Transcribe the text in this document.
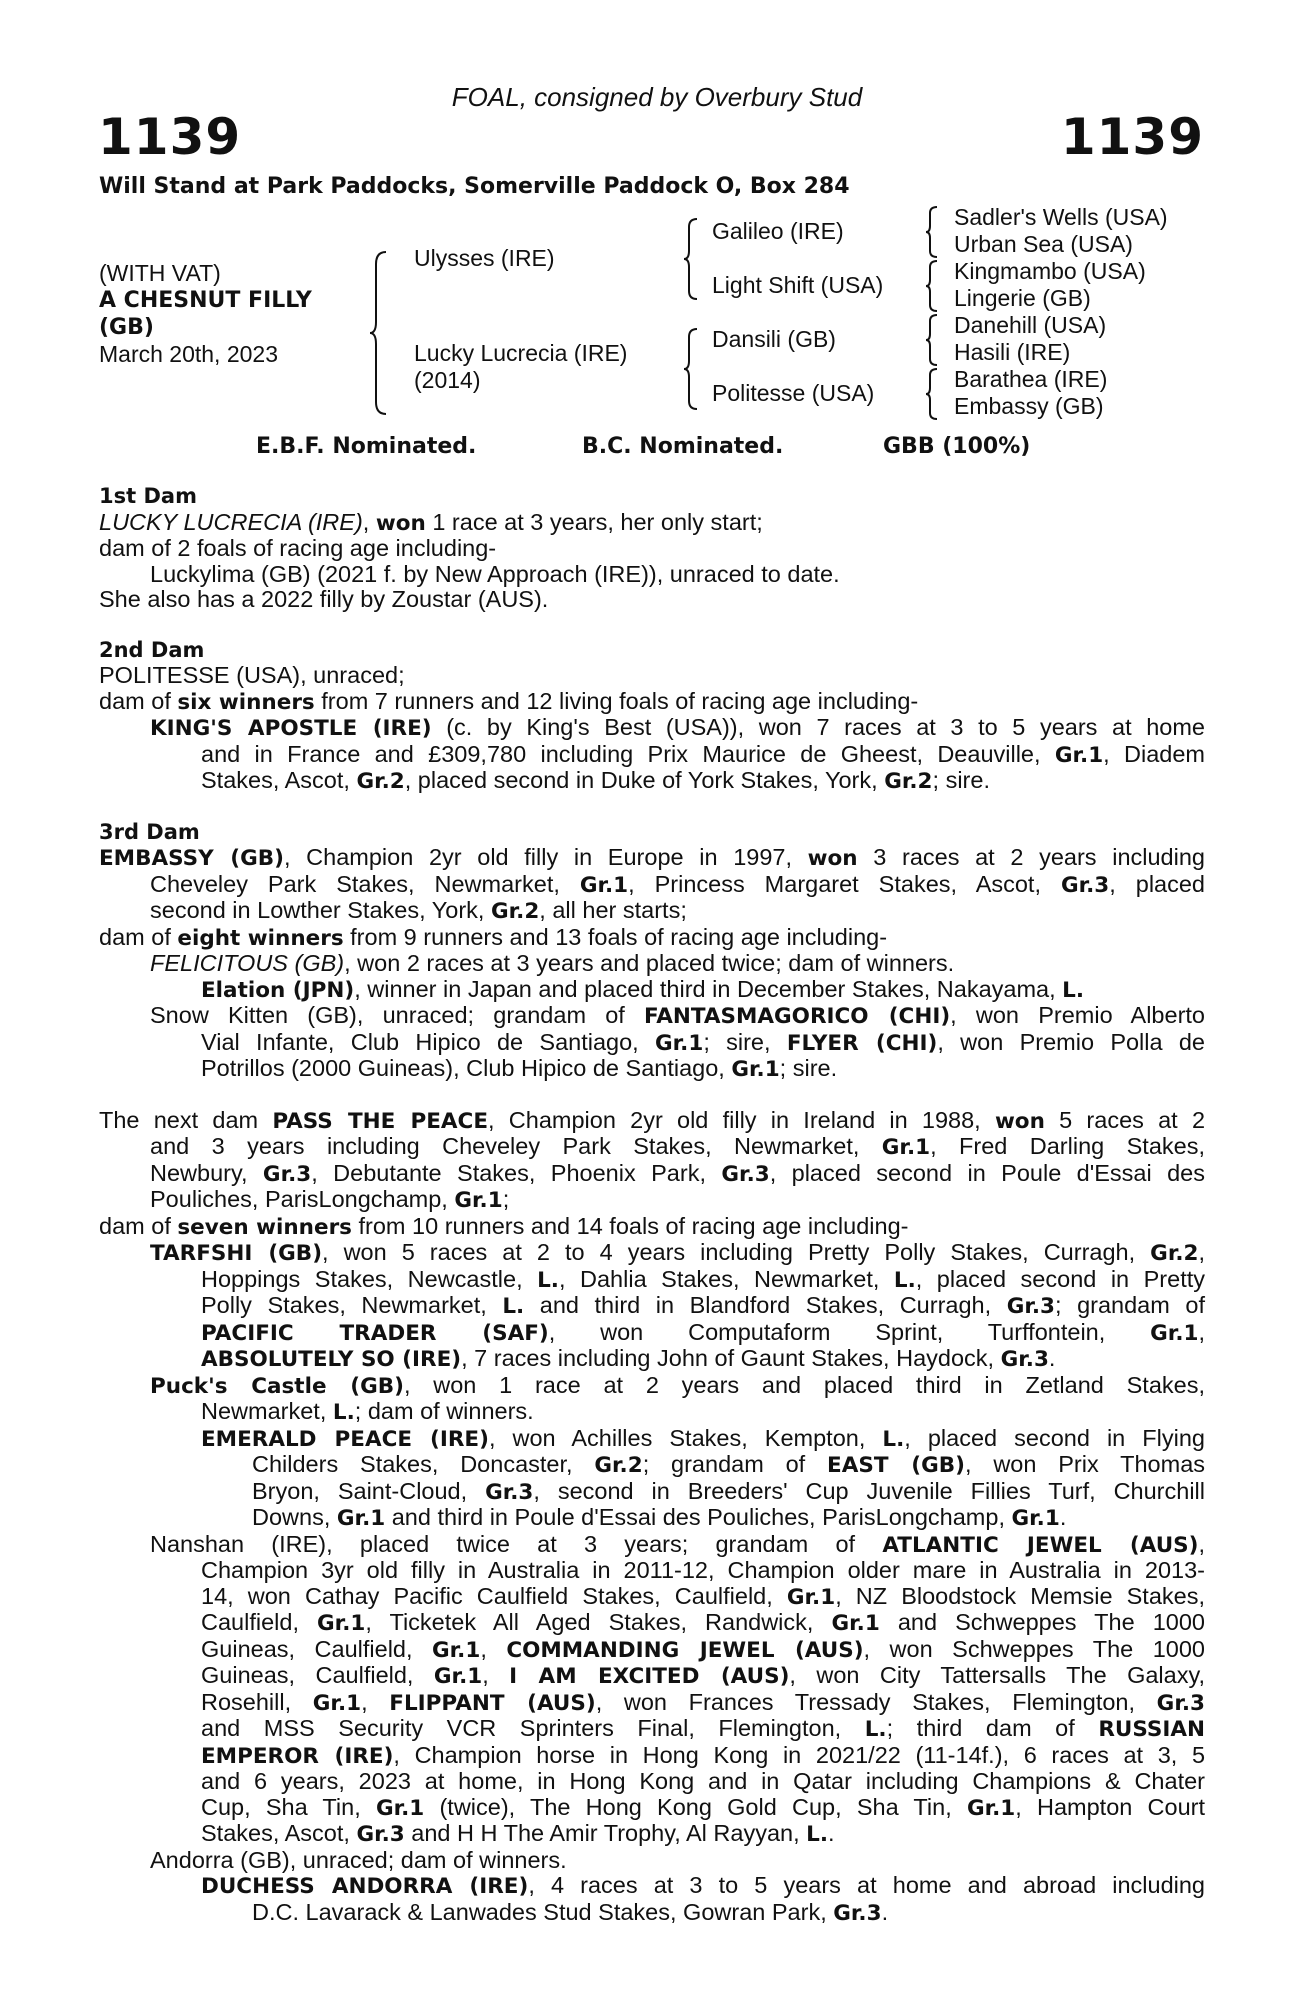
FOAL, consigned by Overbury Stud
1139	1139
Will Stand at Park Paddocks, Somerville Paddock O, Box 284
(WITH VAT)
A CHESNUT FILLY
(GB)
March 20th, 2023
Ulysses (IRE)
Lucky Lucrecia (IRE)
(2014)
Galileo (IRE)
Light Shift (USA)
Dansili (GB)
Politesse (USA)
Sadler's Wells (USA)
Urban Sea (USA)
Kingmambo (USA)
Lingerie (GB)
Danehill (USA)
Hasili (IRE)
Barathea (IRE)
Embassy (GB)
E.B.F. Nominated.	B.C. Nominated.	GBB (100%)
1st Dam
LUCKY LUCRECIA (IRE), won 1 race at 3 years, her only start;
dam of 2 foals of racing age including-
Luckylima (GB) (2021 f. by New Approach (IRE)), unraced to date.
She also has a 2022 filly by Zoustar (AUS).
2nd Dam
POLITESSE (USA), unraced;
dam of six winners from 7 runners and 12 living foals of racing age including-
KING'S APOSTLE (IRE) (c. by King's Best (USA)), won 7 races at 3 to 5 years at home
and in France and £309,780 including Prix Maurice de Gheest, Deauville, Gr.1, Diadem
Stakes, Ascot, Gr.2, placed second in Duke of York Stakes, York, Gr.2; sire.
3rd Dam
EMBASSY (GB), Champion 2yr old filly in Europe in 1997, won 3 races at 2 years including
Cheveley Park Stakes, Newmarket, Gr.1, Princess Margaret Stakes, Ascot, Gr.3, placed
second in Lowther Stakes, York, Gr.2, all her starts;
dam of eight winners from 9 runners and 13 foals of racing age including-
FELICITOUS (GB), won 2 races at 3 years and placed twice; dam of winners.
Elation (JPN), winner in Japan and placed third in December Stakes, Nakayama, L.
Snow Kitten (GB), unraced; grandam of FANTASMAGORICO (CHI), won Premio Alberto
Vial Infante, Club Hipico de Santiago, Gr.1; sire, FLYER (CHI), won Premio Polla de
Potrillos (2000 Guineas), Club Hipico de Santiago, Gr.1; sire.
The next dam PASS THE PEACE, Champion 2yr old filly in Ireland in 1988, won 5 races at 2
and 3 years including Cheveley Park Stakes, Newmarket, Gr.1, Fred Darling Stakes,
Newbury, Gr.3, Debutante Stakes, Phoenix Park, Gr.3, placed second in Poule d'Essai des
Pouliches, ParisLongchamp, Gr.1;
dam of seven winners from 10 runners and 14 foals of racing age including-
TARFSHI (GB), won 5 races at 2 to 4 years including Pretty Polly Stakes, Curragh, Gr.2,
Hoppings Stakes, Newcastle, L., Dahlia Stakes, Newmarket, L., placed second in Pretty
Polly Stakes, Newmarket, L. and third in Blandford Stakes, Curragh, Gr.3; grandam of
PACIFIC TRADER (SAF), won Computaform Sprint, Turffontein, Gr.1,
ABSOLUTELY SO (IRE), 7 races including John of Gaunt Stakes, Haydock, Gr.3.
Puck's Castle (GB), won 1 race at 2 years and placed third in Zetland Stakes,
Newmarket, L.; dam of winners.
EMERALD PEACE (IRE), won Achilles Stakes, Kempton, L., placed second in Flying
Childers Stakes, Doncaster, Gr.2; grandam of EAST (GB), won Prix Thomas
Bryon, Saint-Cloud, Gr.3, second in Breeders' Cup Juvenile Fillies Turf, Churchill
Downs, Gr.1 and third in Poule d'Essai des Pouliches, ParisLongchamp, Gr.1.
Nanshan (IRE), placed twice at 3 years; grandam of ATLANTIC JEWEL (AUS),
Champion 3yr old filly in Australia in 2011-12, Champion older mare in Australia in 2013-
14, won Cathay Pacific Caulfield Stakes, Caulfield, Gr.1, NZ Bloodstock Memsie Stakes,
Caulfield, Gr.1, Ticketek All Aged Stakes, Randwick, Gr.1 and Schweppes The 1000
Guineas, Caulfield, Gr.1, COMMANDING JEWEL (AUS), won Schweppes The 1000
Guineas, Caulfield, Gr.1, I AM EXCITED (AUS), won City Tattersalls The Galaxy,
Rosehill, Gr.1, FLIPPANT (AUS), won Frances Tressady Stakes, Flemington, Gr.3
and MSS Security VCR Sprinters Final, Flemington, L.; third dam of RUSSIAN
EMPEROR (IRE), Champion horse in Hong Kong in 2021/22 (11-14f.), 6 races at 3, 5
and 6 years, 2023 at home, in Hong Kong and in Qatar including Champions & Chater
Cup, Sha Tin, Gr.1 (twice), The Hong Kong Gold Cup, Sha Tin, Gr.1, Hampton Court
Stakes, Ascot, Gr.3 and H H The Amir Trophy, Al Rayyan, L..
Andorra (GB), unraced; dam of winners.
DUCHESS ANDORRA (IRE), 4 races at 3 to 5 years at home and abroad including
D.C. Lavarack & Lanwades Stud Stakes, Gowran Park, Gr.3.
